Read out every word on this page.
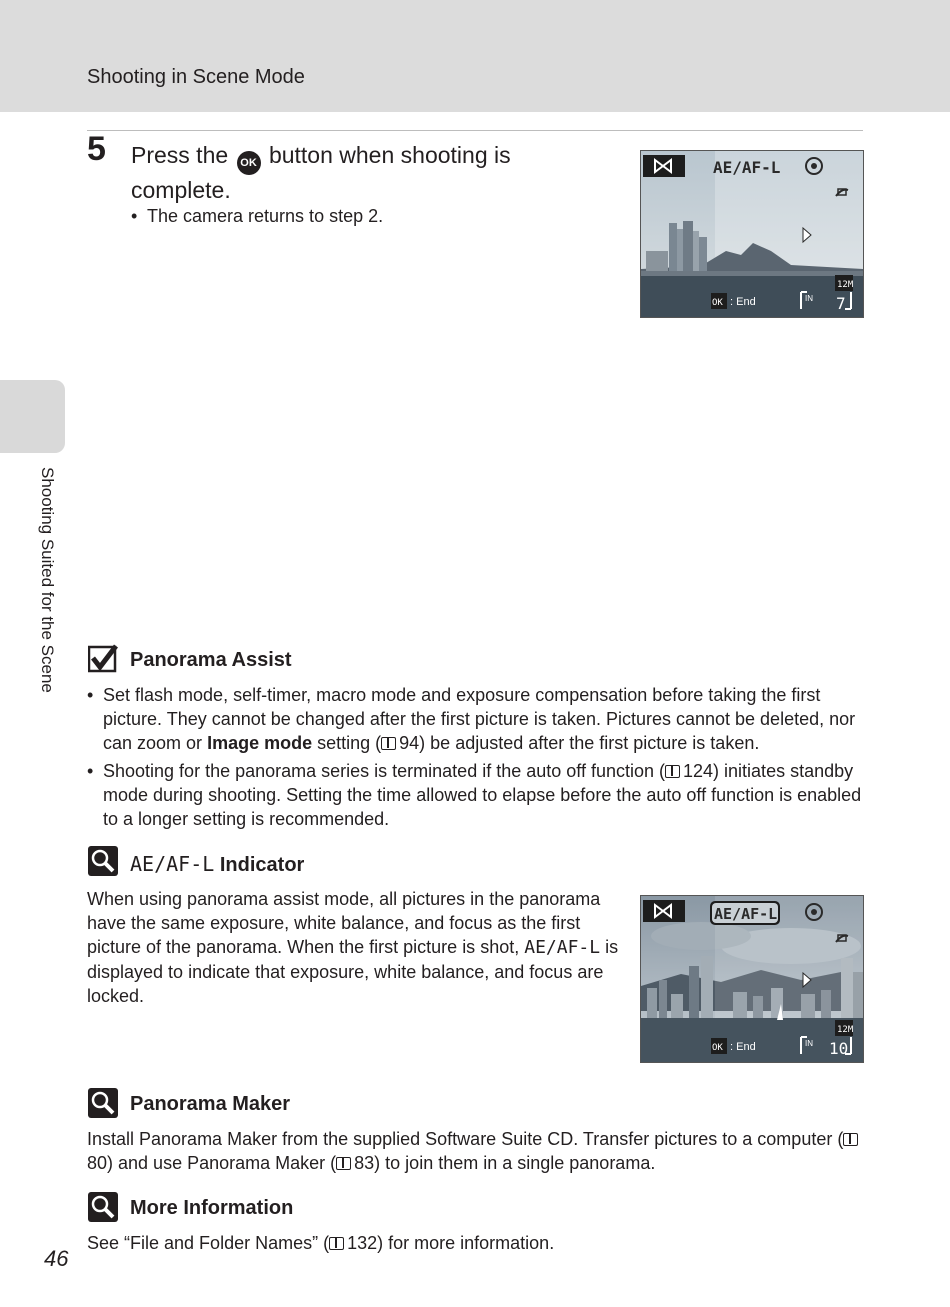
Shooting in Scene Mode
Shooting Suited for the Scene
5 Press the OK button when shooting is complete.
• The camera returns to step 2.
AE/AF-L
12M
OK : End	IN 7
Panorama Assist
• Set flash mode, self-timer, macro mode and exposure compensation before taking the first picture. They cannot be changed after the first picture is taken. Pictures cannot be deleted, nor can zoom or Image mode setting ( 94) be adjusted after the first picture is taken.
• Shooting for the panorama series is terminated if the auto off function ( 124) initiates standby mode during shooting. Setting the time allowed to elapse before the auto off function is enabled to a longer setting is recommended.
AE/AF-L Indicator
When using panorama assist mode, all pictures in the panorama have the same exposure, white balance, and focus as the first picture of the panorama. When the first picture is shot, AE/AF-L is displayed to indicate that exposure, white balance, and focus are locked.
AE/AF-L
12M
OK : End	IN 10
Panorama Maker
Install Panorama Maker from the supplied Software Suite CD. Transfer pictures to a computer (80) and use Panorama Maker ( 83) to join them in a single panorama.
More Information
See “File and Folder Names” ( 132) for more information.
46
